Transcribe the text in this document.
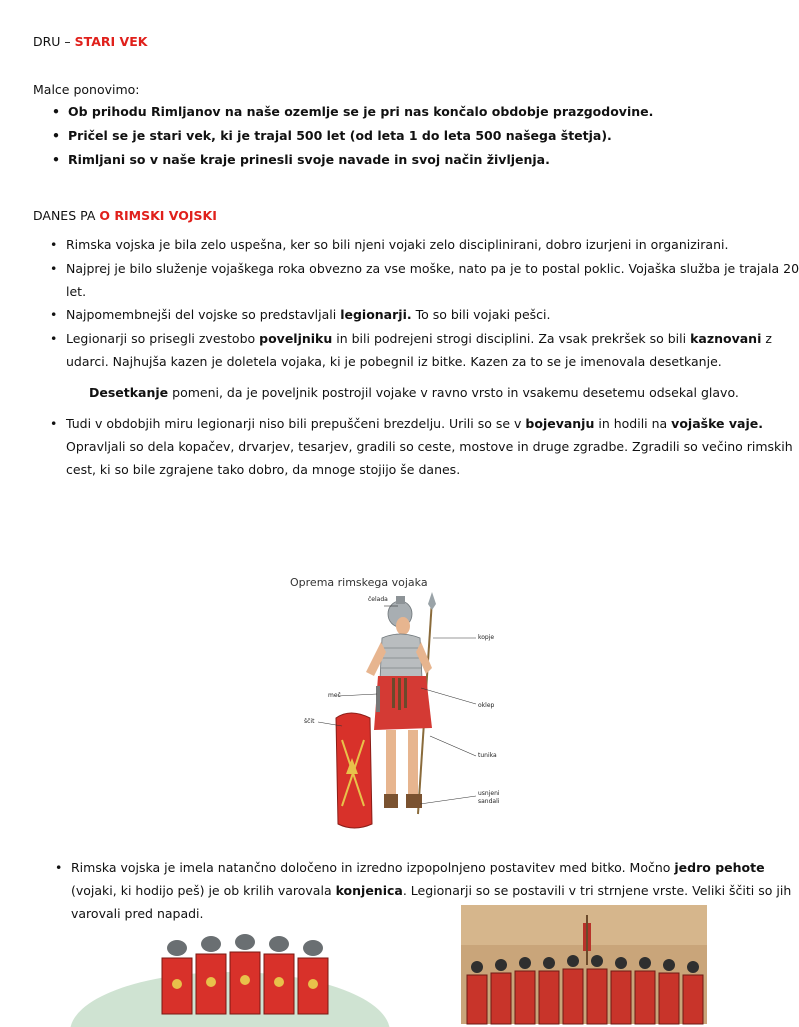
DRU – STARI VEK
Malce ponovimo:
• Ob prihodu Rimljanov na naše ozemlje se je pri nas končalo obdobje prazgodovine.
• Pričel se je stari vek, ki je trajal 500 let (od leta 1 do leta 500 našega štetja).
• Rimljani so v naše kraje prinesli svoje navade in svoj način življenja.
DANES PA O RIMSKI VOJSKI
• Rimska vojska je bila zelo uspešna, ker so bili njeni vojaki zelo disciplinirani, dobro izurjeni in organizirani.
• Najprej je bilo služenje vojaškega roka obvezno za vse moške, nato pa je to postal poklic. Vojaška služba je trajala 20
let.
• Najpomembnejši del vojske so predstavljali legionarji. To so bili vojaki pešci.
• Legionarji so prisegli zvestobo poveljniku in bili podrejeni strogi disciplini. Za vsak prekršek so bili kaznovani z
udarci. Najhujša kazen je doletela vojaka, ki je pobegnil iz bitke. Kazen za to se je imenovala desetkanje.
Desetkanje pomeni, da je poveljnik postrojil vojake v ravno vrsto in vsakemu desetemu odsekal glavo.
• Tudi v obdobjih miru legionarji niso bili prepuščeni brezdelju. Urili so se v bojevanju in hodili na vojaške vaje.
Opravljali so dela kopačev, drvarjev, tesarjev, gradili so ceste, mostove in druge zgradbe. Zgradili so večino rimskih
cest, ki so bile zgrajene tako dobro, da mnoge stojijo še danes.
Oprema rimskega vojaka
čelada
kopje
meč
oklep
ščit
tunika
usnjeni
sandali
• Rimska vojska je imela natančno določeno in izredno izpopolnjeno postavitev med bitko. Močno jedro pehote
(vojaki, ki hodijo peš) je ob krilih varovala konjenica. Legionarji so se postavili v tri strnjene vrste. Veliki ščiti so jih
varovali pred napadi.
